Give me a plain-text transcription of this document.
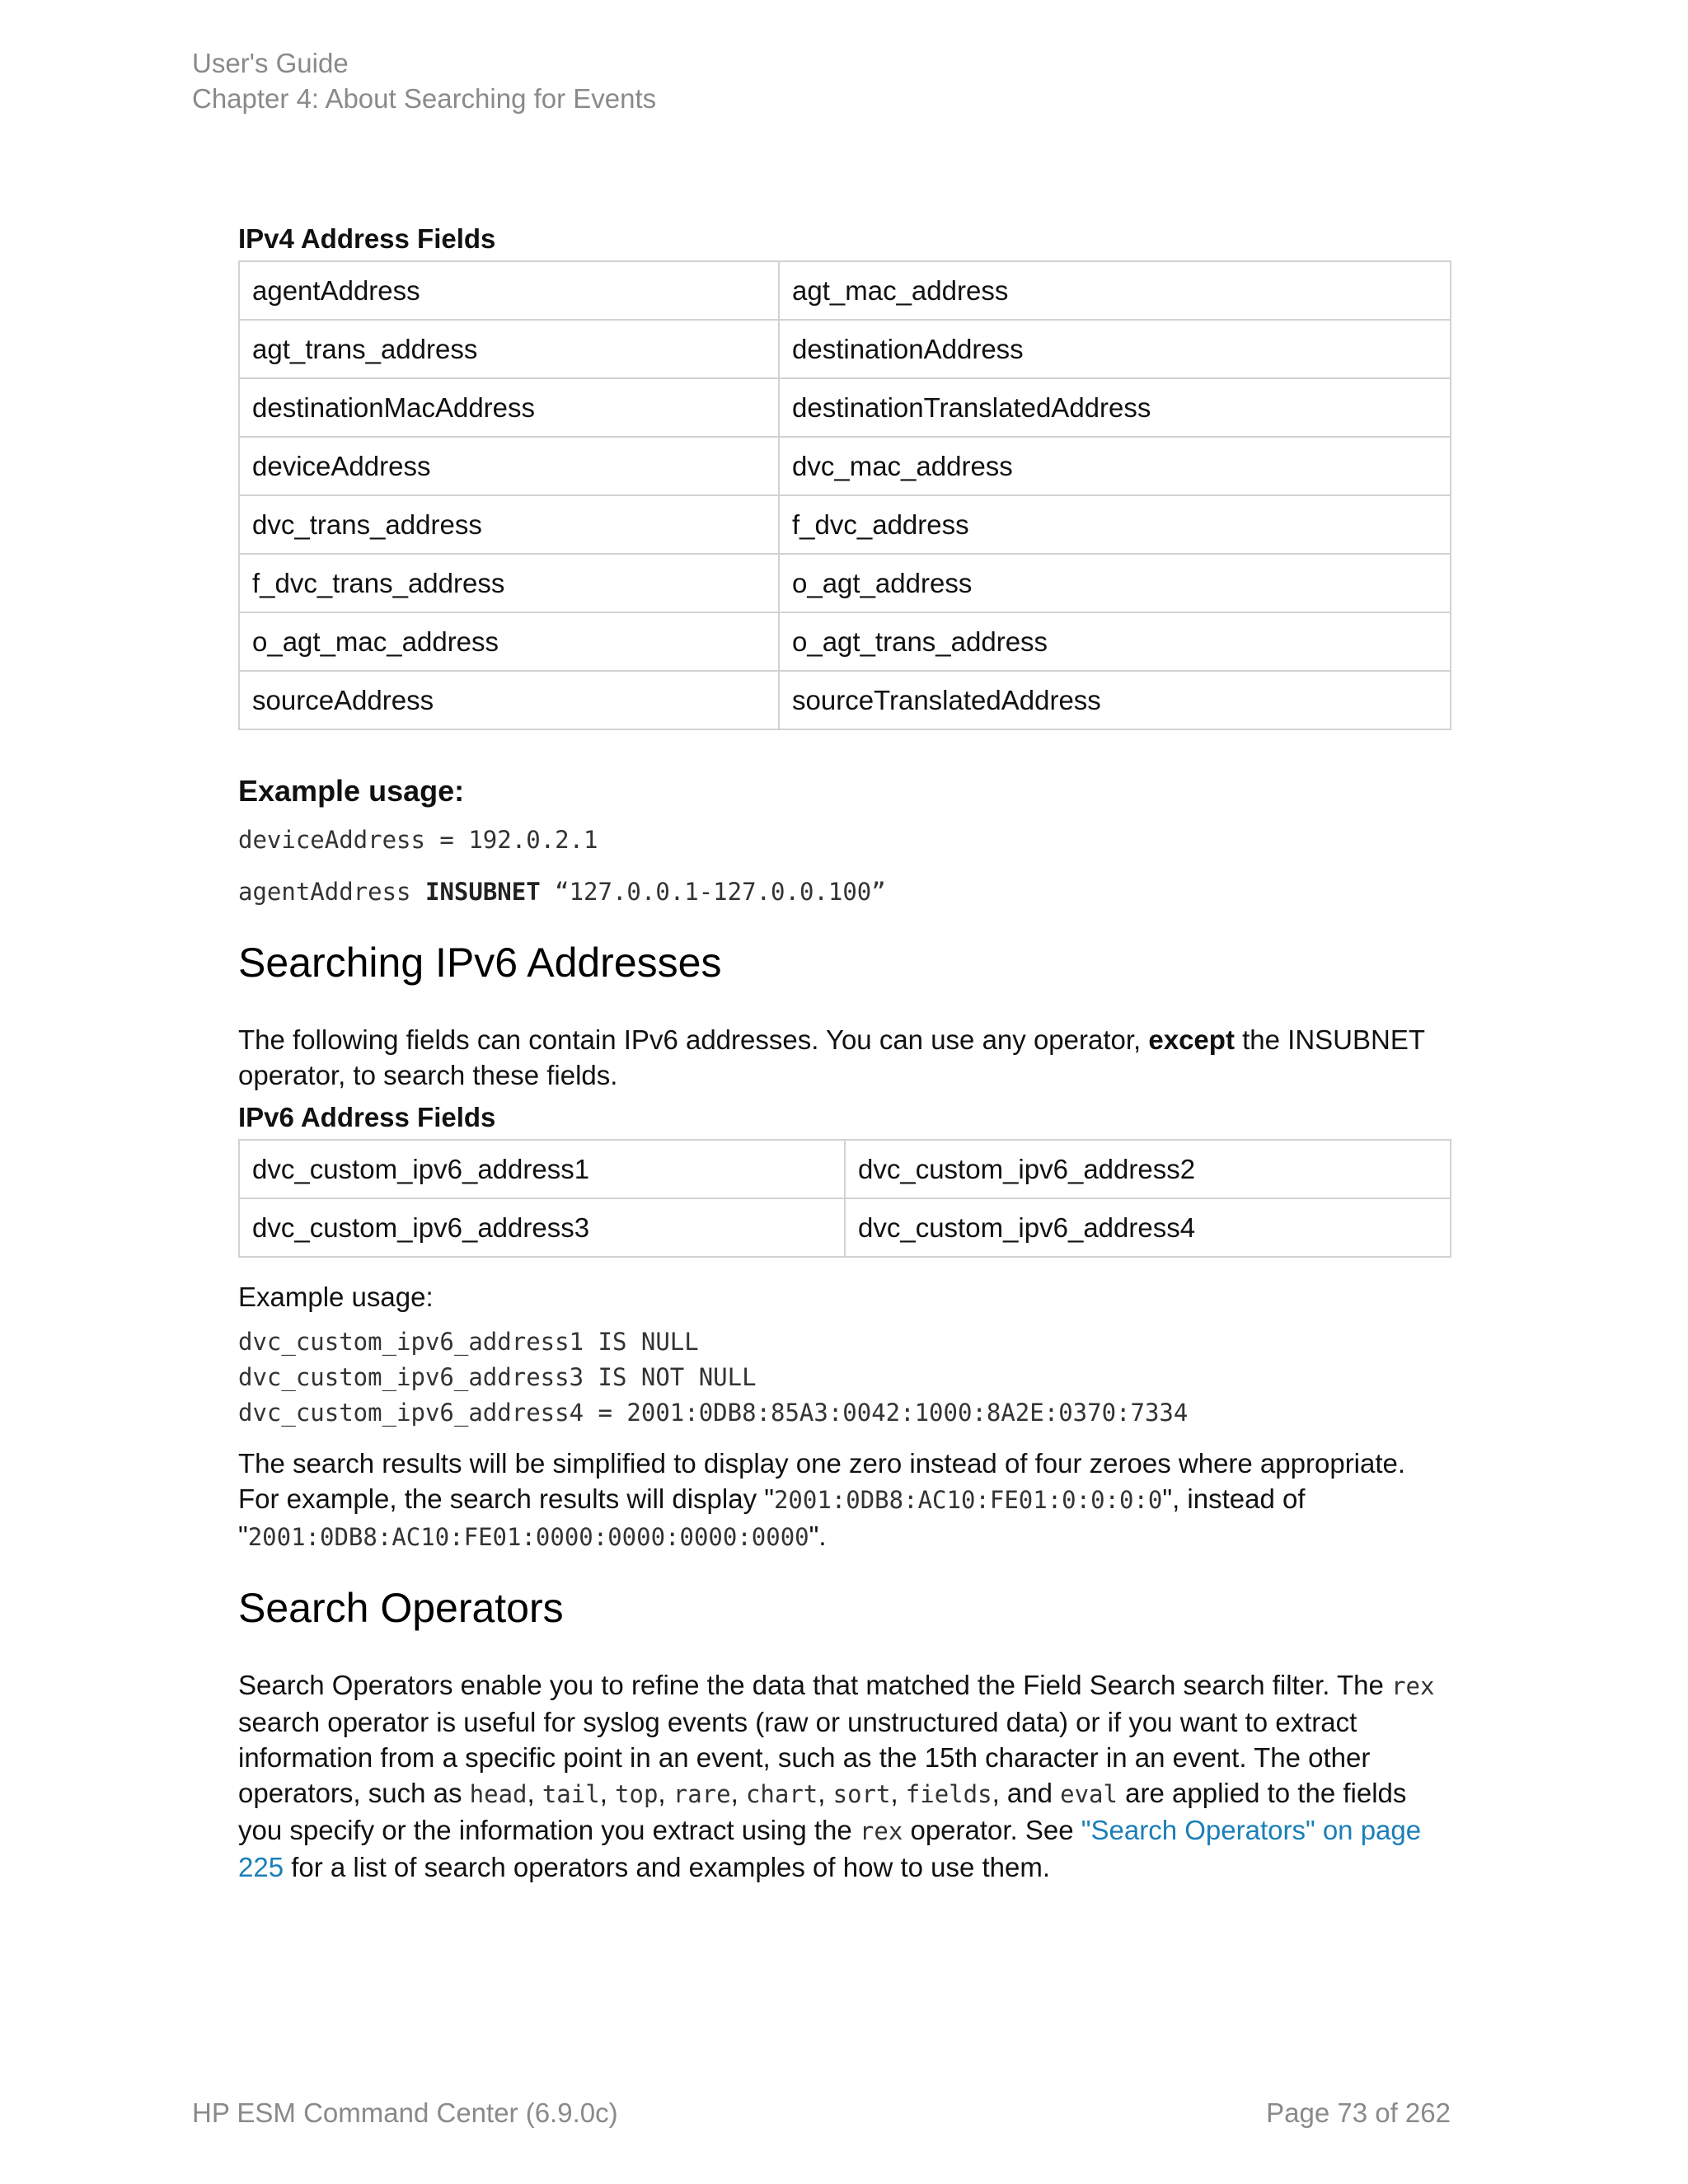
User's Guide
Chapter 4: About Searching for Events
IPv4 Address Fields
agentAddress	agt_mac_address
agt_trans_address	destinationAddress
destinationMacAddress	destinationTranslatedAddress
deviceAddress	dvc_mac_address
dvc_trans_address	f_dvc_address
f_dvc_trans_address	o_agt_address
o_agt_mac_address	o_agt_trans_address
sourceAddress	sourceTranslatedAddress
Example usage:
deviceAddress = 192.0.2.1
agentAddress INSUBNET “127.0.0.1-127.0.0.100”
Searching IPv6 Addresses

The following fields can contain IPv6 addresses. You can use any operator, except the INSUBNET operator, to search these fields.

IPv6 Address Fields
dvc_custom_ipv6_address1	dvc_custom_ipv6_address2
dvc_custom_ipv6_address3	dvc_custom_ipv6_address4
Example usage:
dvc_custom_ipv6_address1 IS NULL
dvc_custom_ipv6_address3 IS NOT NULL
dvc_custom_ipv6_address4 = 2001:0DB8:85A3:0042:1000:8A2E:0370:7334

The search results will be simplified to display one zero instead of four zeroes where appropriate. For example, the search results will display "2001:0DB8:AC10:FE01:0:0:0:0", instead of "2001:0DB8:AC10:FE01:0000:0000:0000:0000".

Search Operators

Search Operators enable you to refine the data that matched the Field Search search filter. The rex search operator is useful for syslog events (raw or unstructured data) or if you want to extract information from a specific point in an event, such as the 15th character in an event. The other operators, such as head, tail, top, rare, chart, sort, fields, and eval are applied to the fields you specify or the information you extract using the rex operator. See "Search Operators" on page 225 for a list of search operators and examples of how to use them.

HP ESM Command Center (6.9.0c)	Page 73 of 262
